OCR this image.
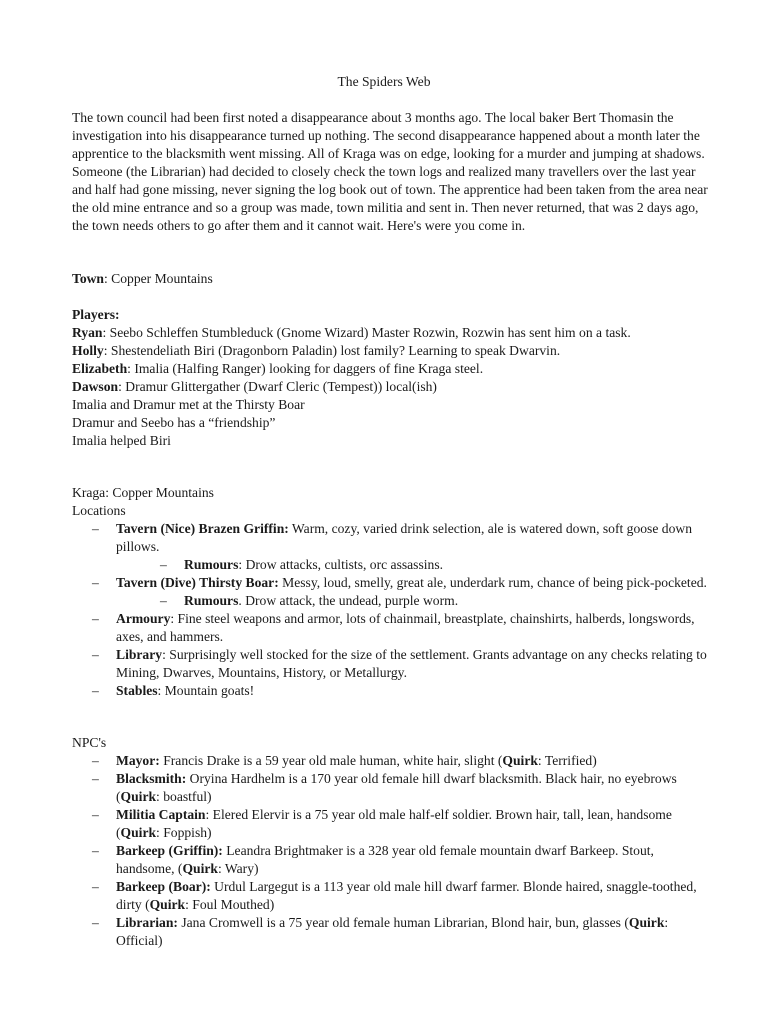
The Spiders Web

The town council had been first noted a disappearance about 3 months ago. The local baker Bert Thomasin the investigation into his disappearance turned up nothing. The second disappearance happened about a month later the apprentice to the blacksmith went missing. All of Kraga was on edge, looking for a murder and jumping at shadows. Someone (the Librarian) had decided to closely check the town logs and realized many travellers over the last year and half had gone missing, never signing the log book out of town. The apprentice had been taken from the area near the old mine entrance and so a group was made, town militia and sent in. Then never returned, that was 2 days ago, the town needs others to go after them and it cannot wait. Here's were you come in.

Town: Copper Mountains

Players:

Ryan: Seebo Schleffen Stumbleduck (Gnome Wizard) Master Rozwin, Rozwin has sent him on a task.

Holly: Shestendeliath Biri (Dragonborn Paladin) lost family? Learning to speak Dwarvin.

Elizabeth: Imalia (Halfing Ranger) looking for daggers of fine Kraga steel.

Dawson: Dramur Glittergather (Dwarf Cleric (Tempest)) local(ish)

Imalia and Dramur met at the Thirsty Boar

Dramur and Seebo has a “friendship”

Imalia helped Biri

Kraga: Copper Mountains

Locations

– Tavern (Nice) Brazen Griffin: Warm, cozy, varied drink selection, ale is watered down, soft goose down pillows.
– Rumours: Drow attacks, cultists, orc assassins.
– Tavern (Dive) Thirsty Boar: Messy, loud, smelly, great ale, underdark rum, chance of being pick-pocketed.
– Rumours. Drow attack, the undead, purple worm.
– Armoury: Fine steel weapons and armor, lots of chainmail, breastplate, chainshirts, halberds, longswords, axes, and hammers.
– Library: Surprisingly well stocked for the size of the settlement. Grants advantage on any checks relating to Mining, Dwarves, Mountains, History, or Metallurgy.
– Stables: Mountain goats!

NPC's

– Mayor: Francis Drake is a 59 year old male human, white hair, slight (Quirk: Terrified)
– Blacksmith: Oryina Hardhelm is a 170 year old female hill dwarf blacksmith. Black hair, no eyebrows (Quirk: boastful)
– Militia Captain: Elered Elervir is a 75 year old male half-elf soldier. Brown hair, tall, lean, handsome (Quirk: Foppish)
– Barkeep (Griffin): Leandra Brightmaker is a 328 year old female mountain dwarf Barkeep. Stout, handsome, (Quirk: Wary)
– Barkeep (Boar): Urdul Largegut is a 113 year old male hill dwarf farmer. Blonde haired, snaggle-toothed, dirty (Quirk: Foul Mouthed)
– Librarian: Jana Cromwell is a 75 year old female human Librarian, Blond hair, bun, glasses (Quirk: Official)
